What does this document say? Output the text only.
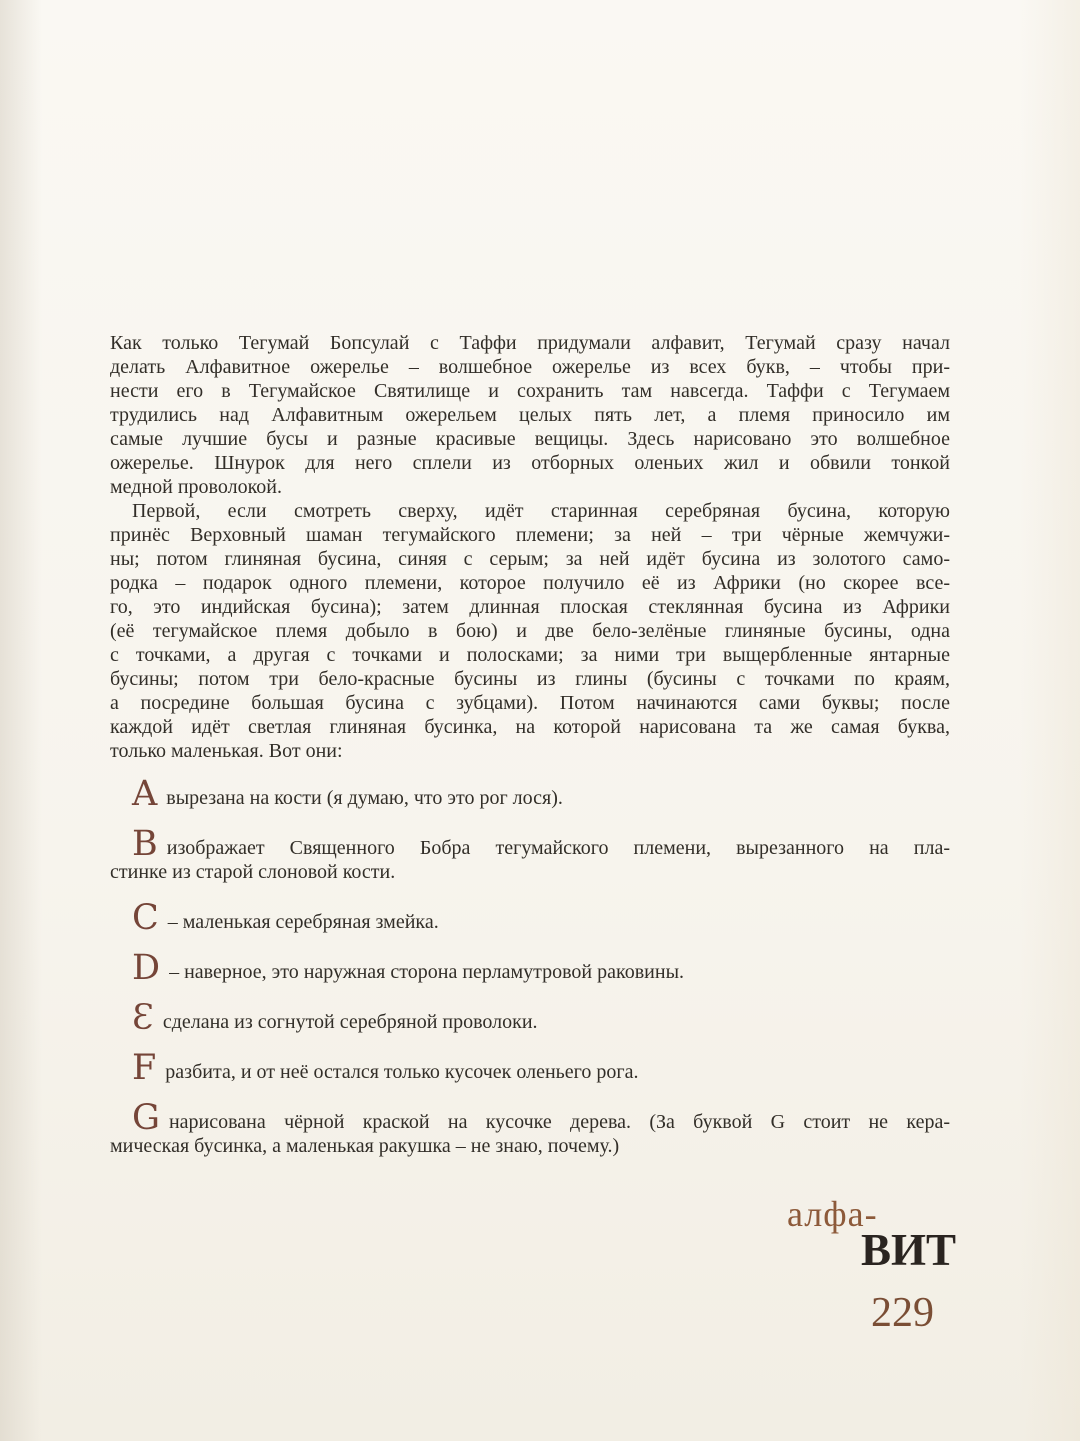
Как только Тегумай Бопсулай с Таффи придумали алфавит, Тегумай сразу начал
делать Алфавитное ожерелье – волшебное ожерелье из всех букв, – чтобы при-
нести его в Тегумайское Святилище и сохранить там навсегда. Таффи с Тегумаем
трудились над Алфавитным ожерельем целых пять лет, а племя приносило им
самые лучшие бусы и разные красивые вещицы. Здесь нарисовано это волшебное
ожерелье. Шнурок для него сплели из отборных оленьих жил и обвили тонкой
медной проволокой.
Первой, если смотреть сверху, идёт старинная серебряная бусина, которую
принёс Верховный шаман тегумайского племени; за ней – три чёрные жемчужи-
ны; потом глиняная бусина, синяя с серым; за ней идёт бусина из золотого само-
родка – подарок одного племени, которое получило её из Африки (но скорее все-
го, это индийская бусина); затем длинная плоская стеклянная бусина из Африки
(её тегумайское племя добыло в бою) и две бело-зелёные глиняные бусины, одна
с точками, а другая с точками и полосками; за ними три выщербленные янтарные
бусины; потом три бело-красные бусины из глины (бусины с точками по краям,
а посредине большая бусина с зубцами). Потом начинаются сами буквы; после
каждой идёт светлая глиняная бусинка, на которой нарисована та же самая буква,
только маленькая. Вот они:
Aвырезана на кости (я думаю, что это рог лося).
Bизображает Священного Бобра тегумайского племени, вырезанного на пла-
стинке из старой слоновой кости.
C – маленькая серебряная змейка.
D – наверное, это наружная сторона перламутровой раковины.
Ɛсделана из согнутой серебряной проволоки.
Fразбита, и от неё остался только кусочек оленьего рога.
Gнарисована чёрной краской на кусочке дерева. (За буквой G стоит не кера-
мическая бусинка, а маленькая ракушка – не знаю, почему.)
алфа-
ВИТ
229
